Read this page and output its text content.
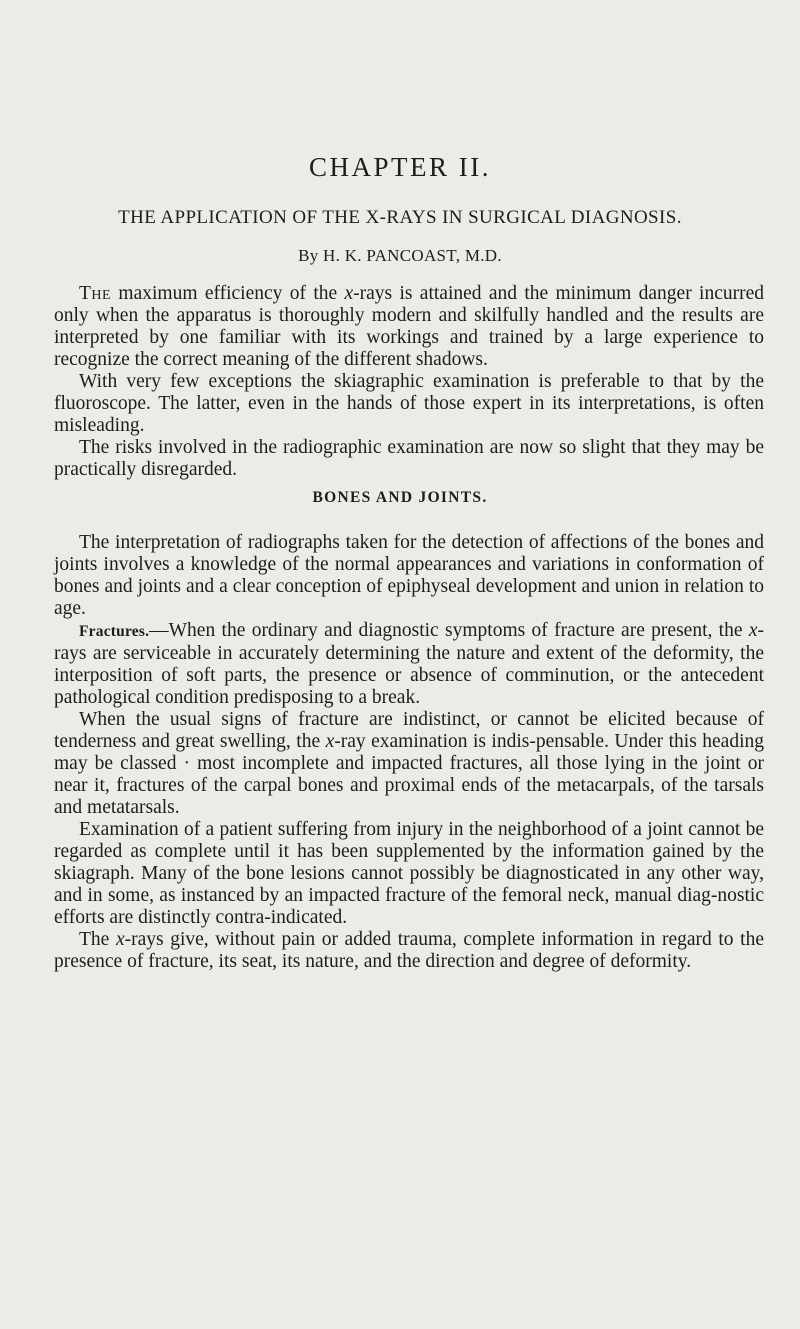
CHAPTER II.
THE APPLICATION OF THE X-RAYS IN SURGICAL DIAGNOSIS.
By H. K. PANCOAST, M.D.

The maximum efficiency of the x-rays is attained and the minimum danger incurred only when the apparatus is thoroughly modern and skilfully handled and the results are interpreted by one familiar with its workings and trained by a large experience to recognize the correct meaning of the different shadows.

With very few exceptions the skiagraphic examination is preferable to that by the fluoroscope. The latter, even in the hands of those expert in its interpretations, is often misleading.

The risks involved in the radiographic examination are now so slight that they may be practically disregarded.

BONES AND JOINTS.

The interpretation of radiographs taken for the detection of affections of the bones and joints involves a knowledge of the normal appearances and variations in conformation of bones and joints and a clear conception of epiphyseal development and union in relation to age.

Fractures.—When the ordinary and diagnostic symptoms of fracture are present, the x-rays are serviceable in accurately determining the nature and extent of the deformity, the interposition of soft parts, the presence or absence of comminution, or the antecedent pathological condition predisposing to a break.

When the usual signs of fracture are indistinct, or cannot be elicited because of tenderness and great swelling, the x-ray examination is indis-pensable. Under this heading may be classed · most incomplete and impacted fractures, all those lying in the joint or near it, fractures of the carpal bones and proximal ends of the metacarpals, of the tarsals and metatarsals.

Examination of a patient suffering from injury in the neighborhood of a joint cannot be regarded as complete until it has been supplemented by the information gained by the skiagraph. Many of the bone lesions cannot possibly be diagnosticated in any other way, and in some, as instanced by an impacted fracture of the femoral neck, manual diag-nostic efforts are distinctly contra-indicated.

The x-rays give, without pain or added trauma, complete information in regard to the presence of fracture, its seat, its nature, and the direction and degree of deformity.
